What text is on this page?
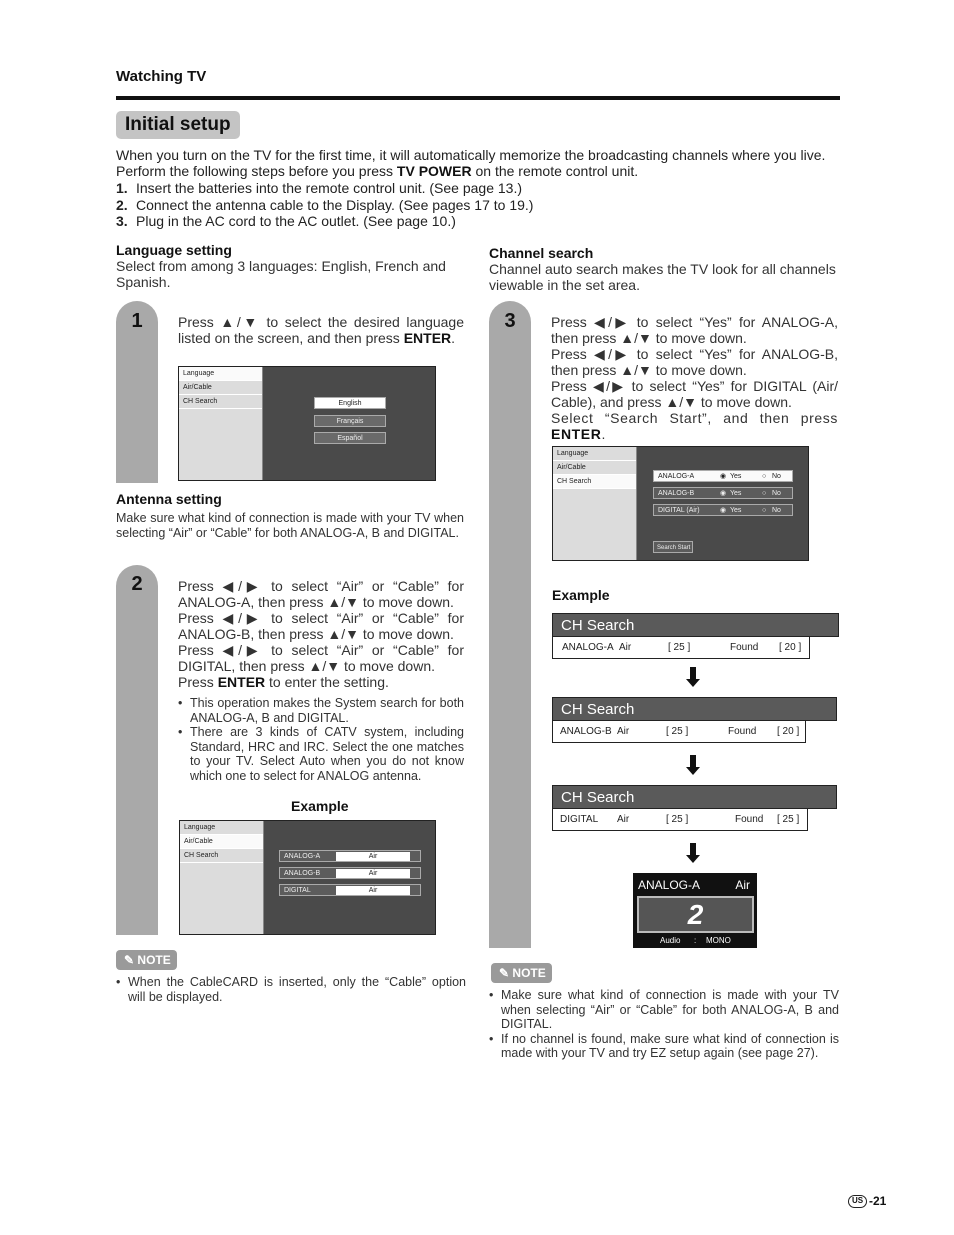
Watching TV
Initial setup
When you turn on the TV for the first time, it will automatically memorize the broadcasting channels where you live. Perform the following steps before you press TV POWER on the remote control unit.
1. Insert the batteries into the remote control unit. (See page 13.)
2. Connect the antenna cable to the Display. (See pages 17 to 19.)
3. Plug in the AC cord to the AC outlet. (See page 10.)
Language setting
Select from among 3 languages: English, French and Spanish.
1	Press ▲/▼ to select the desired language listed on the screen, and then press ENTER.
Language
Air/Cable
CH Search	English
Français
Español
Antenna setting
Make sure what kind of connection is made with your TV when selecting “Air” or “Cable” for both ANALOG-A, B and DIGITAL.
2	Press ◀/▶ to select “Air” or “Cable” for ANALOG-A, then press ▲/▼ to move down.
Press ◀/▶ to select “Air” or “Cable” for ANALOG-B, then press ▲/▼ to move down.
Press ◀/▶ to select “Air” or “Cable” for DIGITAL, then press ▲/▼ to move down.
Press ENTER to enter the setting.
• This operation makes the System search for both ANALOG-A, B and DIGITAL.
• There are 3 kinds of CATV system, including Standard, HRC and IRC. Select the one matches to your TV. Select Auto when you do not know which one to select for ANALOG antenna.
Example
Language
Air/Cable
CH Search	ANALOG-A	Air
ANALOG-B	Air
DIGITAL	Air
✎ NOTE
• When the CableCARD is inserted, only the “Cable” option will be displayed.
Channel search
Channel auto search makes the TV look for all channels viewable in the set area.
3	Press ◀/▶ to select “Yes” for ANALOG-A, then press ▲/▼ to move down.
Press ◀/▶ to select “Yes” for ANALOG-B, then press ▲/▼ to move down.
Press ◀/▶ to select “Yes” for DIGITAL (Air/ Cable), and press ▲/▼ to move down.
Select “Search Start”, and then press ENTER.
Language
Air/Cable
CH Search
ANALOG-A	◉ Yes	○ No
ANALOG-B	◉ Yes	○ No
DIGITAL (Air)	◉ Yes	○ No
Search Start
Example
CH Search
ANALOG-A Air	[ 25 ]	Found [ 20 ]
CH Search
ANALOG-B Air	[ 25 ]	Found [ 20 ]
CH Search
DIGITAL Air	[ 25 ]	Found [ 25 ]
ANALOG-A	Air
2
Audio : MONO
✎ NOTE
• Make sure what kind of connection is made with your TV when selecting “Air” or “Cable” for both ANALOG-A, B and DIGITAL.
• If no channel is found, make sure what kind of connection is made with your TV and try EZ setup again (see page 27).
US -21
